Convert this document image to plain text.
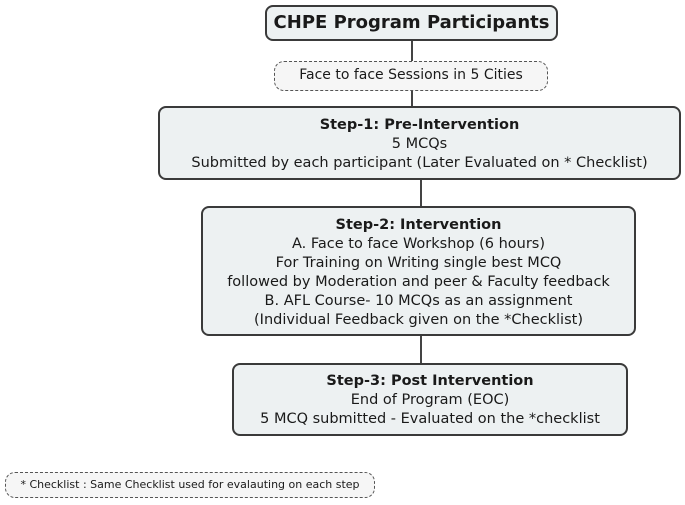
CHPE Program Participants
Face to face Sessions in 5 Cities
Step-1: Pre-Intervention
5 MCQs
Submitted by each participant (Later Evaluated on * Checklist)
Step-2: Intervention
A. Face to face Workshop (6 hours)
For Training on Writing single best MCQ
followed by Moderation and peer & Faculty feedback
B. AFL Course- 10 MCQs as an assignment
(Individual Feedback given on the *Checklist)
Step-3: Post Intervention
End of Program (EOC)
5 MCQ submitted - Evaluated on the *checklist
* Checklist : Same Checklist used for evalauting on each step
